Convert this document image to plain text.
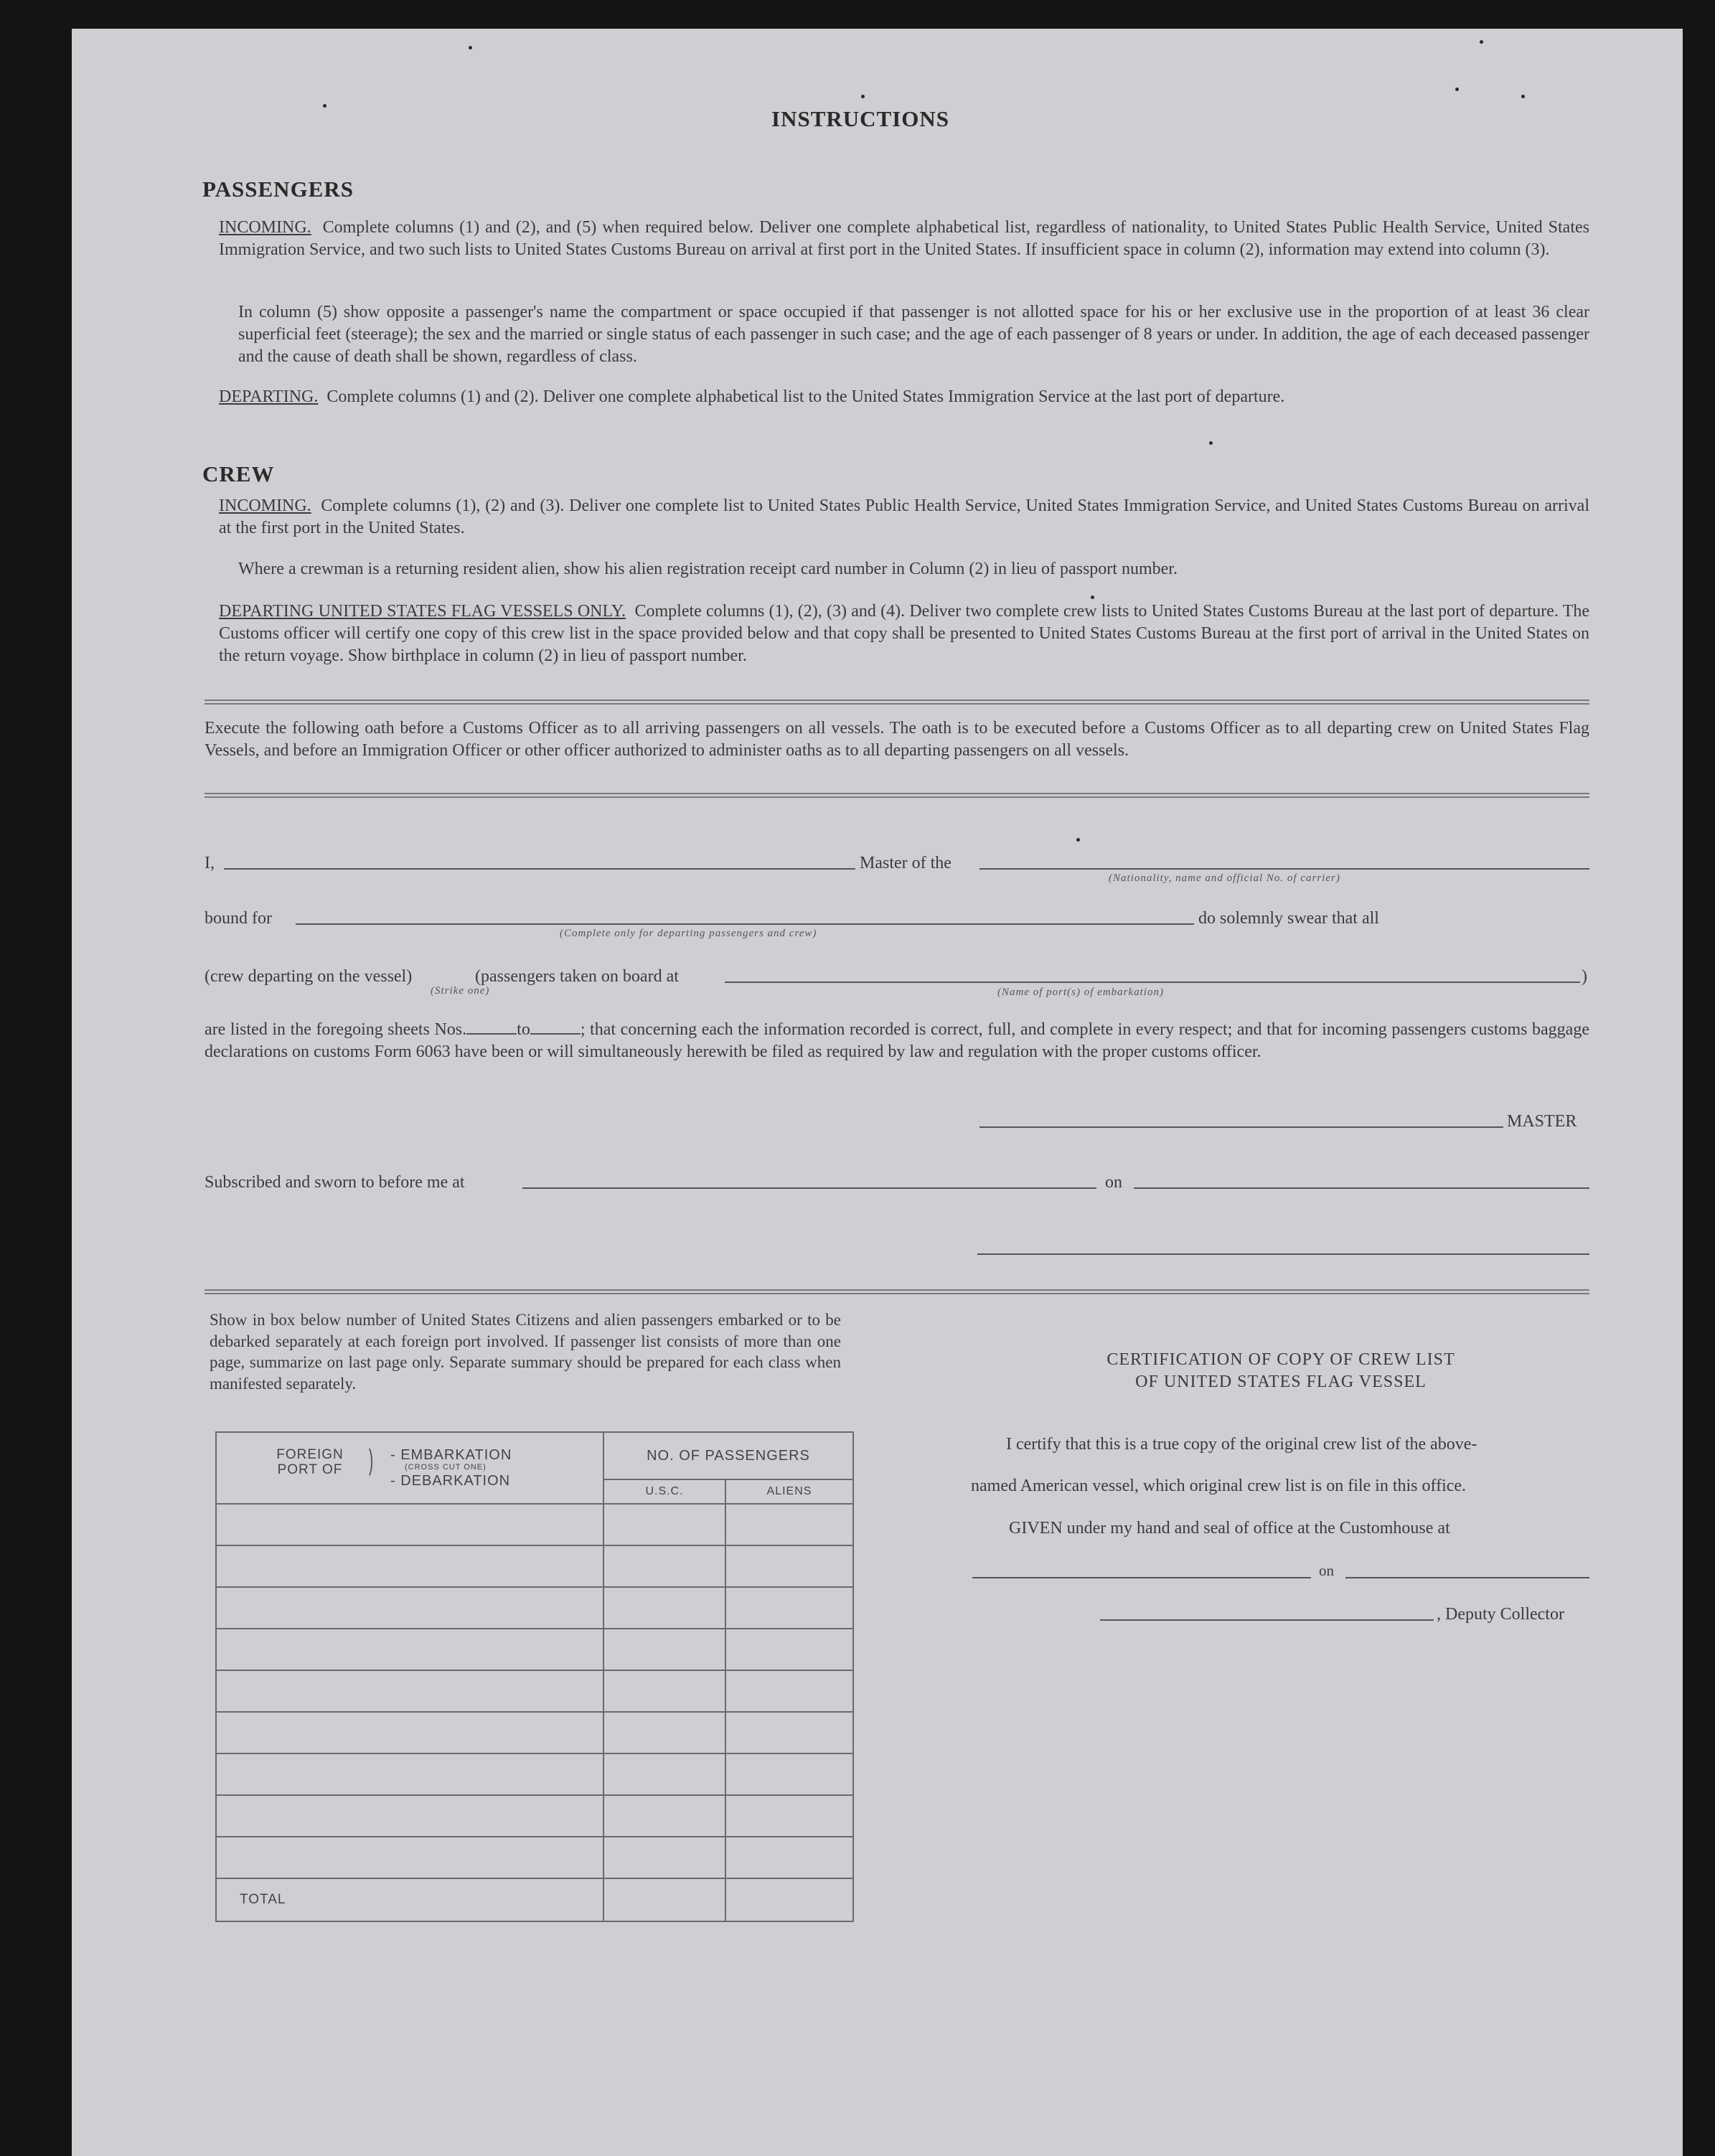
INSTRUCTIONS
PASSENGERS
INCOMING. Complete columns (1) and (2), and (5) when required below. Deliver one complete alphabetical list, regardless of nationality, to United States Public Health Service, United States Immigration Service, and two such lists to United States Customs Bureau on arrival at first port in the United States. If insufficient space in column (2), information may extend into column (3).
In column (5) show opposite a passenger's name the compartment or space occupied if that passenger is not allotted space for his or her exclusive use in the proportion of at least 36 clear superficial feet (steerage); the sex and the married or single status of each passenger in such case; and the age of each passenger of 8 years or under. In addition, the age of each deceased passenger and the cause of death shall be shown, regardless of class.
DEPARTING. Complete columns (1) and (2). Deliver one complete alphabetical list to the United States Immigration Service at the last port of departure.
CREW
INCOMING. Complete columns (1), (2) and (3). Deliver one complete list to United States Public Health Service, United States Immigration Service, and United States Customs Bureau on arrival at the first port in the United States.
Where a crewman is a returning resident alien, show his alien registration receipt card number in Column (2) in lieu of passport number.
DEPARTING UNITED STATES FLAG VESSELS ONLY. Complete columns (1), (2), (3) and (4). Deliver two complete crew lists to United States Customs Bureau at the last port of departure. The Customs officer will certify one copy of this crew list in the space provided below and that copy shall be presented to United States Customs Bureau at the first port of arrival in the United States on the return voyage. Show birthplace in column (2) in lieu of passport number.
Execute the following oath before a Customs Officer as to all arriving passengers on all vessels. The oath is to be executed before a Customs Officer as to all departing crew on United States Flag Vessels, and before an Immigration Officer or other officer authorized to administer oaths as to all departing passengers on all vessels.
I,	Master of the
(Nationality, name and official No. of carrier)
bound for	do solemnly swear that all
(Complete only for departing passengers and crew)
(crew departing on the vessel)	(passengers taken on board at	)
(Strike one)	(Name of port(s) of embarkation)
are listed in the foregoing sheets Nos.	to	; that concerning each the information recorded is correct, full, and complete in every respect; and that for incoming passengers customs baggage declarations on customs Form 6063 have been or will simultaneously herewith be filed as required by law and regulation with the proper customs officer.
MASTER
Subscribed and sworn to before me at	on
Show in box below number of United States Citizens and alien passengers embarked or to be debarked separately at each foreign port involved. If passenger list consists of more than one page, summarize on last page only. Separate summary should be prepared for each class when manifested separately.
FOREIGN PORT OF ) - EMBARKATION
(CROSS CUT ONE)
- DEBARKATION	NO. OF PASSENGERS	
	U.S.C.	ALIENS

TOTAL		
CERTIFICATION OF COPY OF CREW LIST
OF UNITED STATES FLAG VESSEL
I certify that this is a true copy of the original crew list of the above-
named American vessel, which original crew list is on file in this office.
GIVEN under my hand and seal of office at the Customhouse at
on
, Deputy Collector
